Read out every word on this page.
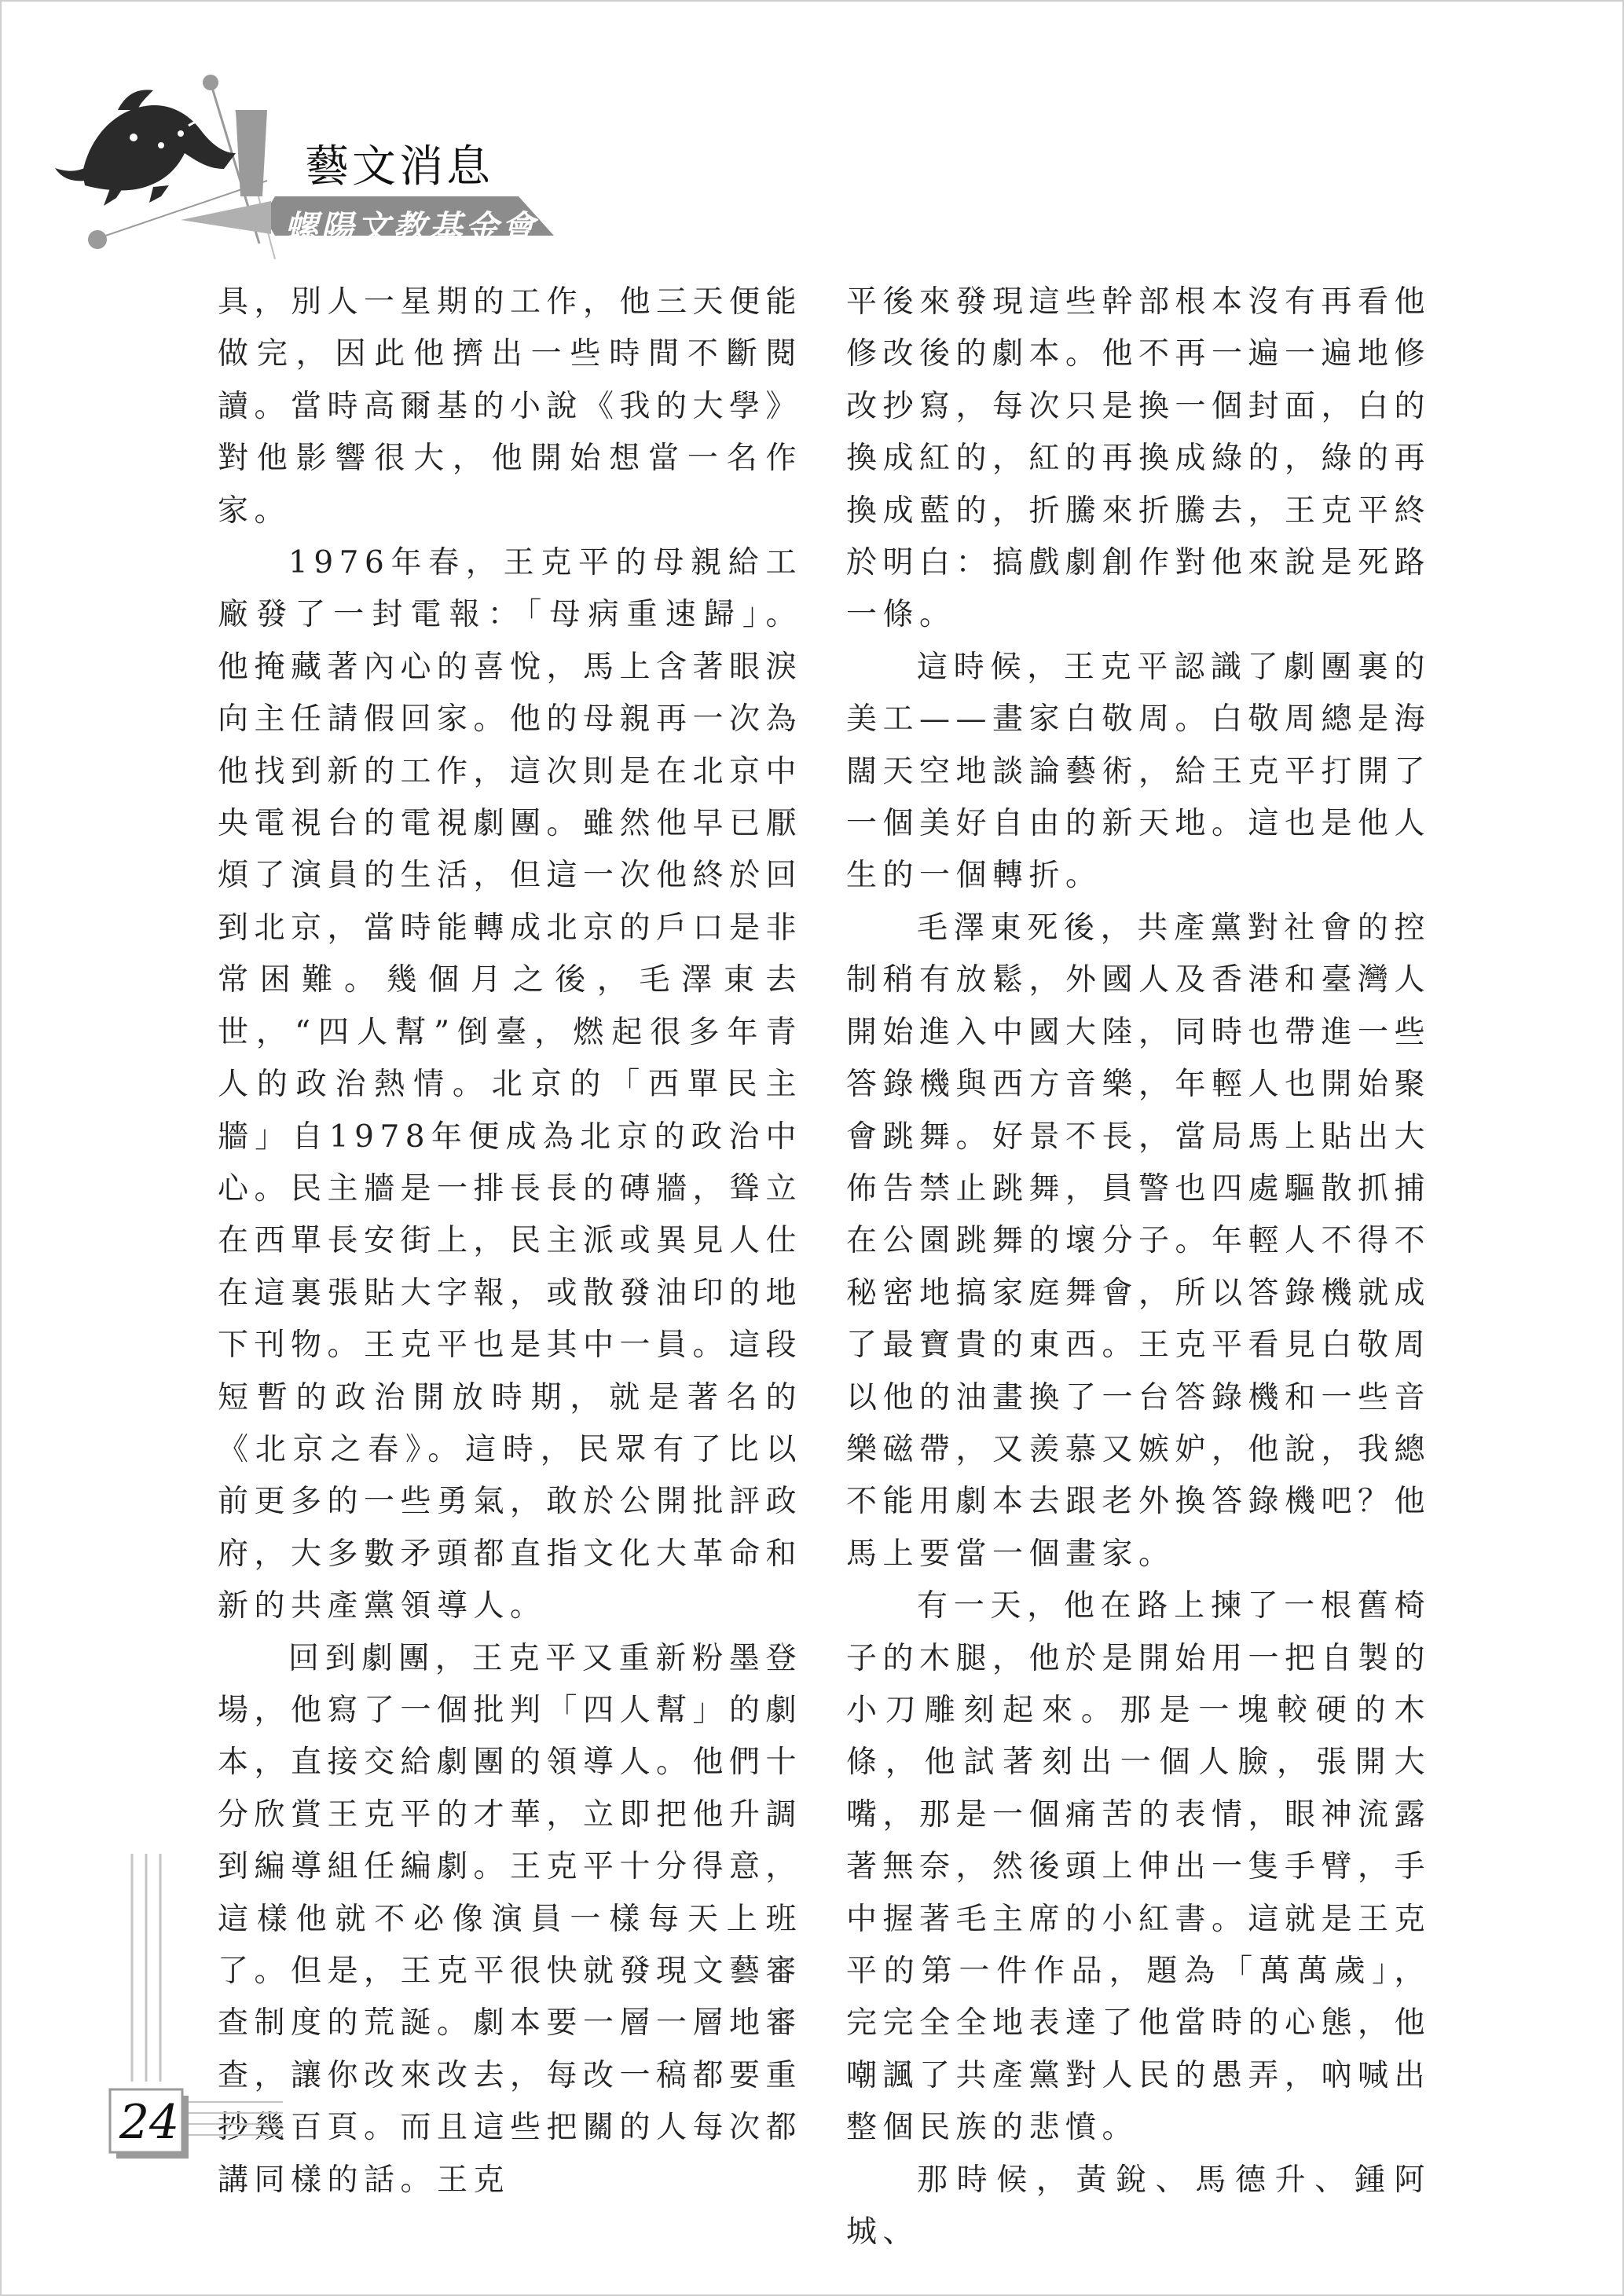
藝文消息
螺陽文教基金會

具，別人一星期的工作，他三天便能做完，因此他擠出一些時間不斷閱讀。當時高爾基的小說《我的大學》對他影響很大，他開始想當一名作家。

1976年春，王克平的母親給工廠發了一封電報：「母病重速歸」。他掩藏著內心的喜悅，馬上含著眼淚向主任請假回家。他的母親再一次為他找到新的工作，這次則是在北京中央電視台的電視劇團。雖然他早已厭煩了演員的生活，但這一次他終於回到北京，當時能轉成北京的戶口是非常困難。幾個月之後，毛澤東去世，“四人幫”倒臺，燃起很多年青人的政治熱情。北京的「西單民主牆」自1978年便成為北京的政治中心。民主牆是一排長長的磚牆，聳立在西單長安街上，民主派或異見人仕在這裏張貼大字報，或散發油印的地下刊物。王克平也是其中一員。這段短暫的政治開放時期，就是著名的《北京之春》。這時，民眾有了比以前更多的一些勇氣，敢於公開批評政府，大多數矛頭都直指文化大革命和新的共產黨領導人。

回到劇團，王克平又重新粉墨登場，他寫了一個批判「四人幫」的劇本，直接交給劇團的領導人。他們十分欣賞王克平的才華，立即把他升調到編導組任編劇。王克平十分得意，這樣他就不必像演員一樣每天上班了。但是，王克平很快就發現文藝審查制度的荒誕。劇本要一層一層地審查，讓你改來改去，每改一稿都要重抄幾百頁。而且這些把關的人每次都講同樣的話。王克

平後來發現這些幹部根本沒有再看他修改後的劇本。他不再一遍一遍地修改抄寫，每次只是換一個封面，白的換成紅的，紅的再換成綠的，綠的再換成藍的，折騰來折騰去，王克平終於明白：搞戲劇創作對他來說是死路一條。

這時候，王克平認識了劇團裏的美工——畫家白敬周。白敬周總是海闊天空地談論藝術，給王克平打開了一個美好自由的新天地。這也是他人生的一個轉折。

毛澤東死後，共產黨對社會的控制稍有放鬆，外國人及香港和臺灣人開始進入中國大陸，同時也帶進一些答錄機與西方音樂，年輕人也開始聚會跳舞。好景不長，當局馬上貼出大佈告禁止跳舞，員警也四處驅散抓捕在公園跳舞的壞分子。年輕人不得不秘密地搞家庭舞會，所以答錄機就成了最寶貴的東西。王克平看見白敬周以他的油畫換了一台答錄機和一些音樂磁帶，又羨慕又嫉妒，他說，我總不能用劇本去跟老外換答錄機吧？他馬上要當一個畫家。

有一天，他在路上揀了一根舊椅子的木腿，他於是開始用一把自製的小刀雕刻起來。那是一塊較硬的木條，他試著刻出一個人臉，張開大嘴，那是一個痛苦的表情，眼神流露著無奈，然後頭上伸出一隻手臂，手中握著毛主席的小紅書。這就是王克平的第一件作品，題為「萬萬歲」，完完全全地表達了他當時的心態，他嘲諷了共產黨對人民的愚弄，吶喊出整個民族的悲憤。

那時候，黃銳、馬德升、鍾阿城、

24
